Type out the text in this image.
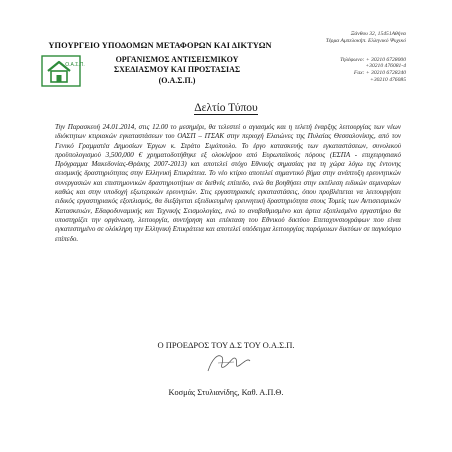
ΥΠΟΥΡΓΕΙΟ ΥΠΟΔΟΜΩΝ ΜΕΤΑΦΟΡΩΝ ΚΑΙ ΔΙΚΤΥΩΝ
Ο.Α.Σ.Π.
ΟΡΓΑΝΙΣΜΟΣ ΑΝΤΙΣΕΙΣΜΙΚΟΥ
ΣΧΕΔΙΑΣΜΟΥ ΚΑΙ ΠΡΟΣΤΑΣΙΑΣ
(Ο.Α.Σ.Π.)
Ξάνθου 32, 15451Αθήνα
Τέρμα Αμπελοκήπ. Ελληνικό Ψυχικό
Τηλέφωνο: + 30210 6728000
+30210 476081-4
Fax: + 30210 6728240
+30210 476085
Δελτίο Τύπου

Την Παρασκευή 24.01.2014, στις 12.00 το μεσημέρι, θα τελεστεί ο αγιασμός και η τελετή έναρξης λειτουργίας των νέων ιδιόκτητων κτιριακών εγκαταστάσεων του ΟΑΣΠ – ΙΤΣΑΚ στην περιοχή Ελαιώνες της Πυλαίας Θεσσαλονίκης, από τον Γενικό Γραμματέα Δημοσίων Έργων κ. Στράτο Σιμόπουλο. Το έργο κατασκευής των εγκαταστάσεων, συνολικού προϋπολογισμού 3,500,000 € χρηματοδοτήθηκε εξ ολοκλήρου από Ευρωπαϊκούς πόρους (ΕΣΠΑ - επιχειρησιακό Πρόγραμμα Μακεδονίας-Θράκης 2007-2013) και αποτελεί στόχο Εθνικής σημασίας για τη χώρα λόγω της έντονης σεισμικής δραστηριότητας στην Ελληνική Επικράτεια. Το νέο κτίριο αποτελεί σημαντικό βήμα στην ανάπτυξη ερευνητικών συνεργασιών και επιστημονικών δραστηριοτήτων σε διεθνές επίπεδο, ενώ θα βοηθήσει στην εκτέλεση ειδικών σεμιναρίων καθώς και στην υποδοχή εξωτερικών ερευνητών. Στις εργαστηριακές εγκαταστάσεις, όπου προβλέπεται να λειτουργήσει ειδικός εργαστηριακός εξοπλισμός, θα διεξάγεται εξειδικευμένη ερευνητική δραστηριότητα στους Τομείς των Αντισεισμικών Κατασκευών, Εδαφοδυναμικής και Τεχνικής Σεισμολογίας, ενώ το αναβαθμισμένο και άρτια εξοπλισμένο εργαστήριο θα υποστηρίζει την οργάνωση, λειτουργία, συντήρηση και επέκταση του Εθνικού δικτύου Επιταχυνσιογράφων που είναι εγκατεστημένο σε ολόκληρη την Ελληνική Επικράτεια και αποτελεί υπόδειγμα λειτουργίας παρόμοιων δικτύων σε παγκόσμιο επίπεδο.

Ο ΠΡΟΕΔΡΟΣ ΤΟΥ Δ.Σ ΤΟΥ Ο.Α.Σ.Π.
Κοσμάς Στυλιανίδης, Καθ. Α.Π.Θ.
